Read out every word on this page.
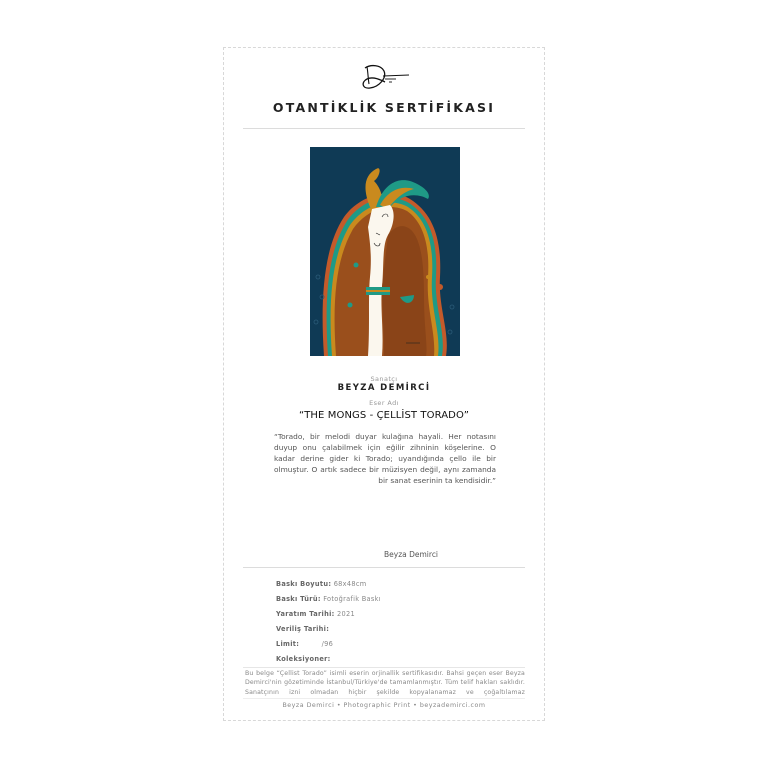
OTANTİKLİK SERTİFİKASI
Sanatçı
BEYZA DEMİRCİ
Eser Adı
“THE MONGS - ÇELLİST TORADO”
“Torado, bir melodi duyar kulağına hayali. Her notasını duyup onu çalabilmek için eğilir zihninin köşelerine. O kadar derine gider ki Torado; uyandığında çello ile bir olmuştur. O artık sadece bir müzisyen değil, aynı zamanda bir sanat eserinin ta kendisidir.”
Beyza Demirci
Baskı Boyutu: 68x48cm
Baskı Türü: Fotoğrafik Baskı
Yaratım Tarihi: 2021
Veriliş Tarihi:
Limit:	/96
Koleksiyoner:
Bu belge “Çellist Torado” isimli eserin orjinallik sertifikasıdır. Bahsi geçen eser Beyza Demirci'nin gözetiminde İstanbul/Türkiye'de tamamlanmıştır. Tüm telif hakları saklıdır. Sanatçının izni olmadan hiçbir şekilde kopyalanamaz ve çoğaltılamaz
Beyza Demirci • Photographic Print • beyzademirci.com
